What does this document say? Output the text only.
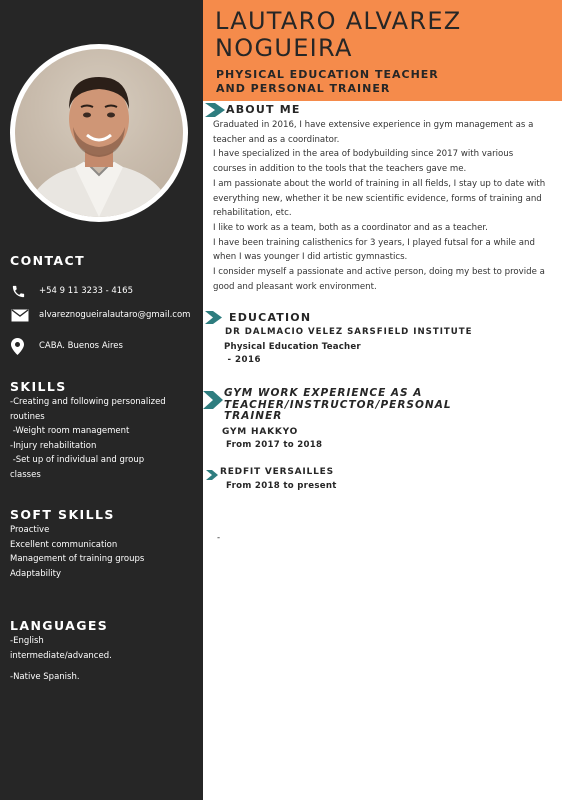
LAUTARO ALVAREZ
NOGUEIRA
PHYSICAL EDUCATION TEACHER
AND PERSONAL TRAINER
CONTACT
+54 9 11 3233 - 4165
alvareznogueiralautaro@gmail.com
CABA. Buenos Aires
SKILLS
-Creating and following personalized
routines
-Weight room management
-Injury rehabilitation
-Set up of individual and group
classes
SOFT SKILLS
Proactive
Excellent communication
Management of training groups
Adaptability
LANGUAGES
-English
intermediate/advanced.
-Native Spanish.
ABOUT ME
Graduated in 2016, I have extensive experience in gym management as a
teacher and as a coordinator.
I have specialized in the area of bodybuilding since 2017 with various
courses in addition to the tools that the teachers gave me.
I am passionate about the world of training in all fields, I stay up to date with
everything new, whether it be new scientific evidence, forms of training and
rehabilitation, etc.
I like to work as a team, both as a coordinator and as a teacher.
I have been training calisthenics for 3 years, I played futsal for a while and
when I was younger I did artistic gymnastics.
I consider myself a passionate and active person, doing my best to provide a
good and pleasant work environment.
EDUCATION
DR DALMACIO VELEZ SARSFIELD INSTITUTE
Physical Education Teacher
- 2016
GYM WORK EXPERIENCE AS A
TEACHER/INSTRUCTOR/PERSONAL
TRAINER
GYM HAKKYO
From 2017 to 2018
REDFIT VERSAILLES
From 2018 to present
-
